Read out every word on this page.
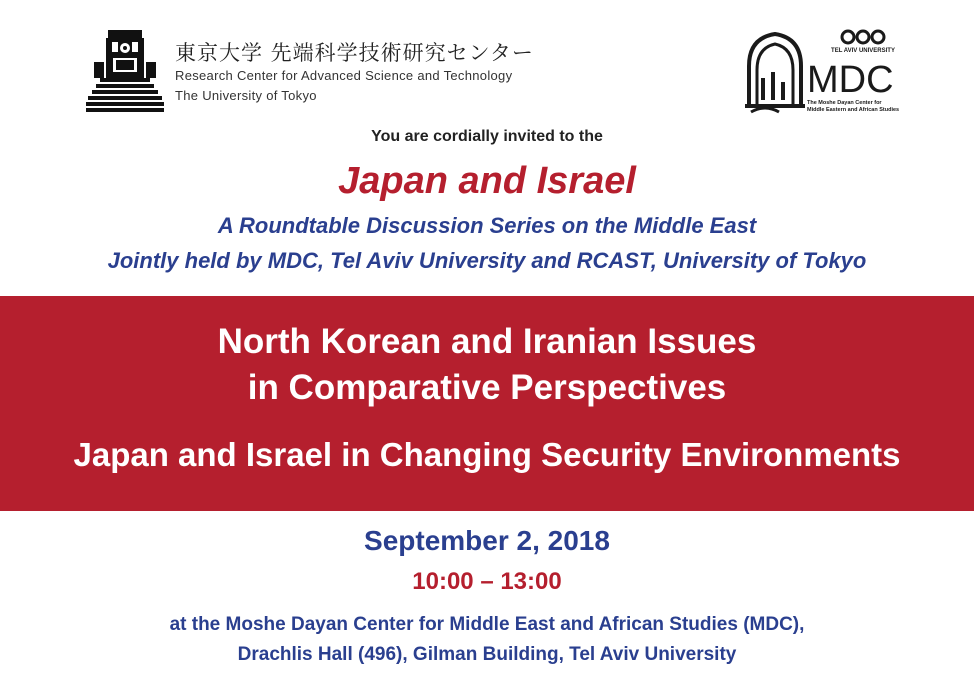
東京大学 先端科学技術研究センター
Research Center for Advanced Science and Technology
The University of Tokyo
TEL AVIV UNIVERSITY
MDC
The Moshe Dayan Center for
Middle Eastern and African Studies
You are cordially invited to the
Japan and Israel
A Roundtable Discussion Series on the Middle East
Jointly held by MDC, Tel Aviv University and RCAST, University of Tokyo
North Korean and Iranian Issues
in Comparative Perspectives
Japan and Israel in Changing Security Environments
September 2, 2018
10:00 – 13:00
at the Moshe Dayan Center for Middle East and African Studies (MDC),
Drachlis Hall (496), Gilman Building, Tel Aviv University
